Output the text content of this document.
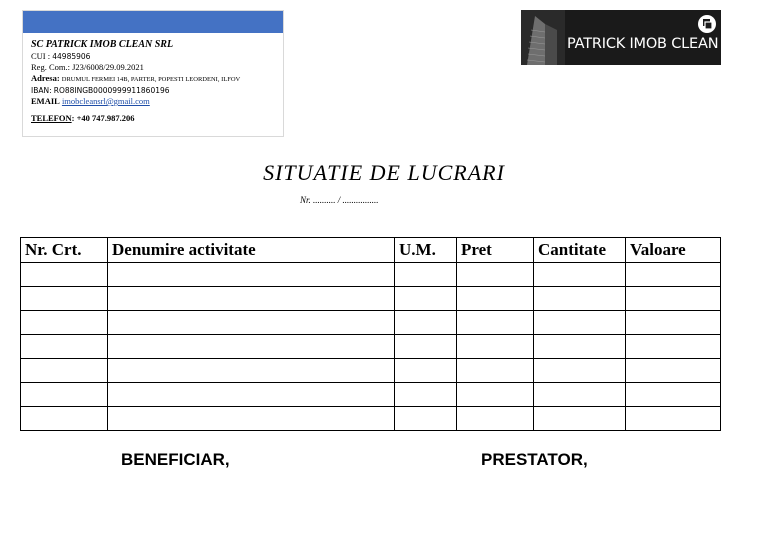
SC PATRICK IMOB CLEAN SRL
CUI : 44985906
Reg. Com.: J23/6008/29.09.2021
Adresa: DRUMUL FERMEI 14B, PARTER, POPESTI LEORDENI, ILFOV
IBAN: RO88INGB0000999911860196
EMAIL imobcleansrl@gmail.com
TELEFON: +40 747.987.206
PATRICK IMOB CLEAN
SITUATIE DE LUCRARI
Nr. .......... / ................
Nr. Crt.	Denumire activitate	U.M.	Pret	Cantitate	Valoare

BENEFICIAR,	PRESTATOR,
